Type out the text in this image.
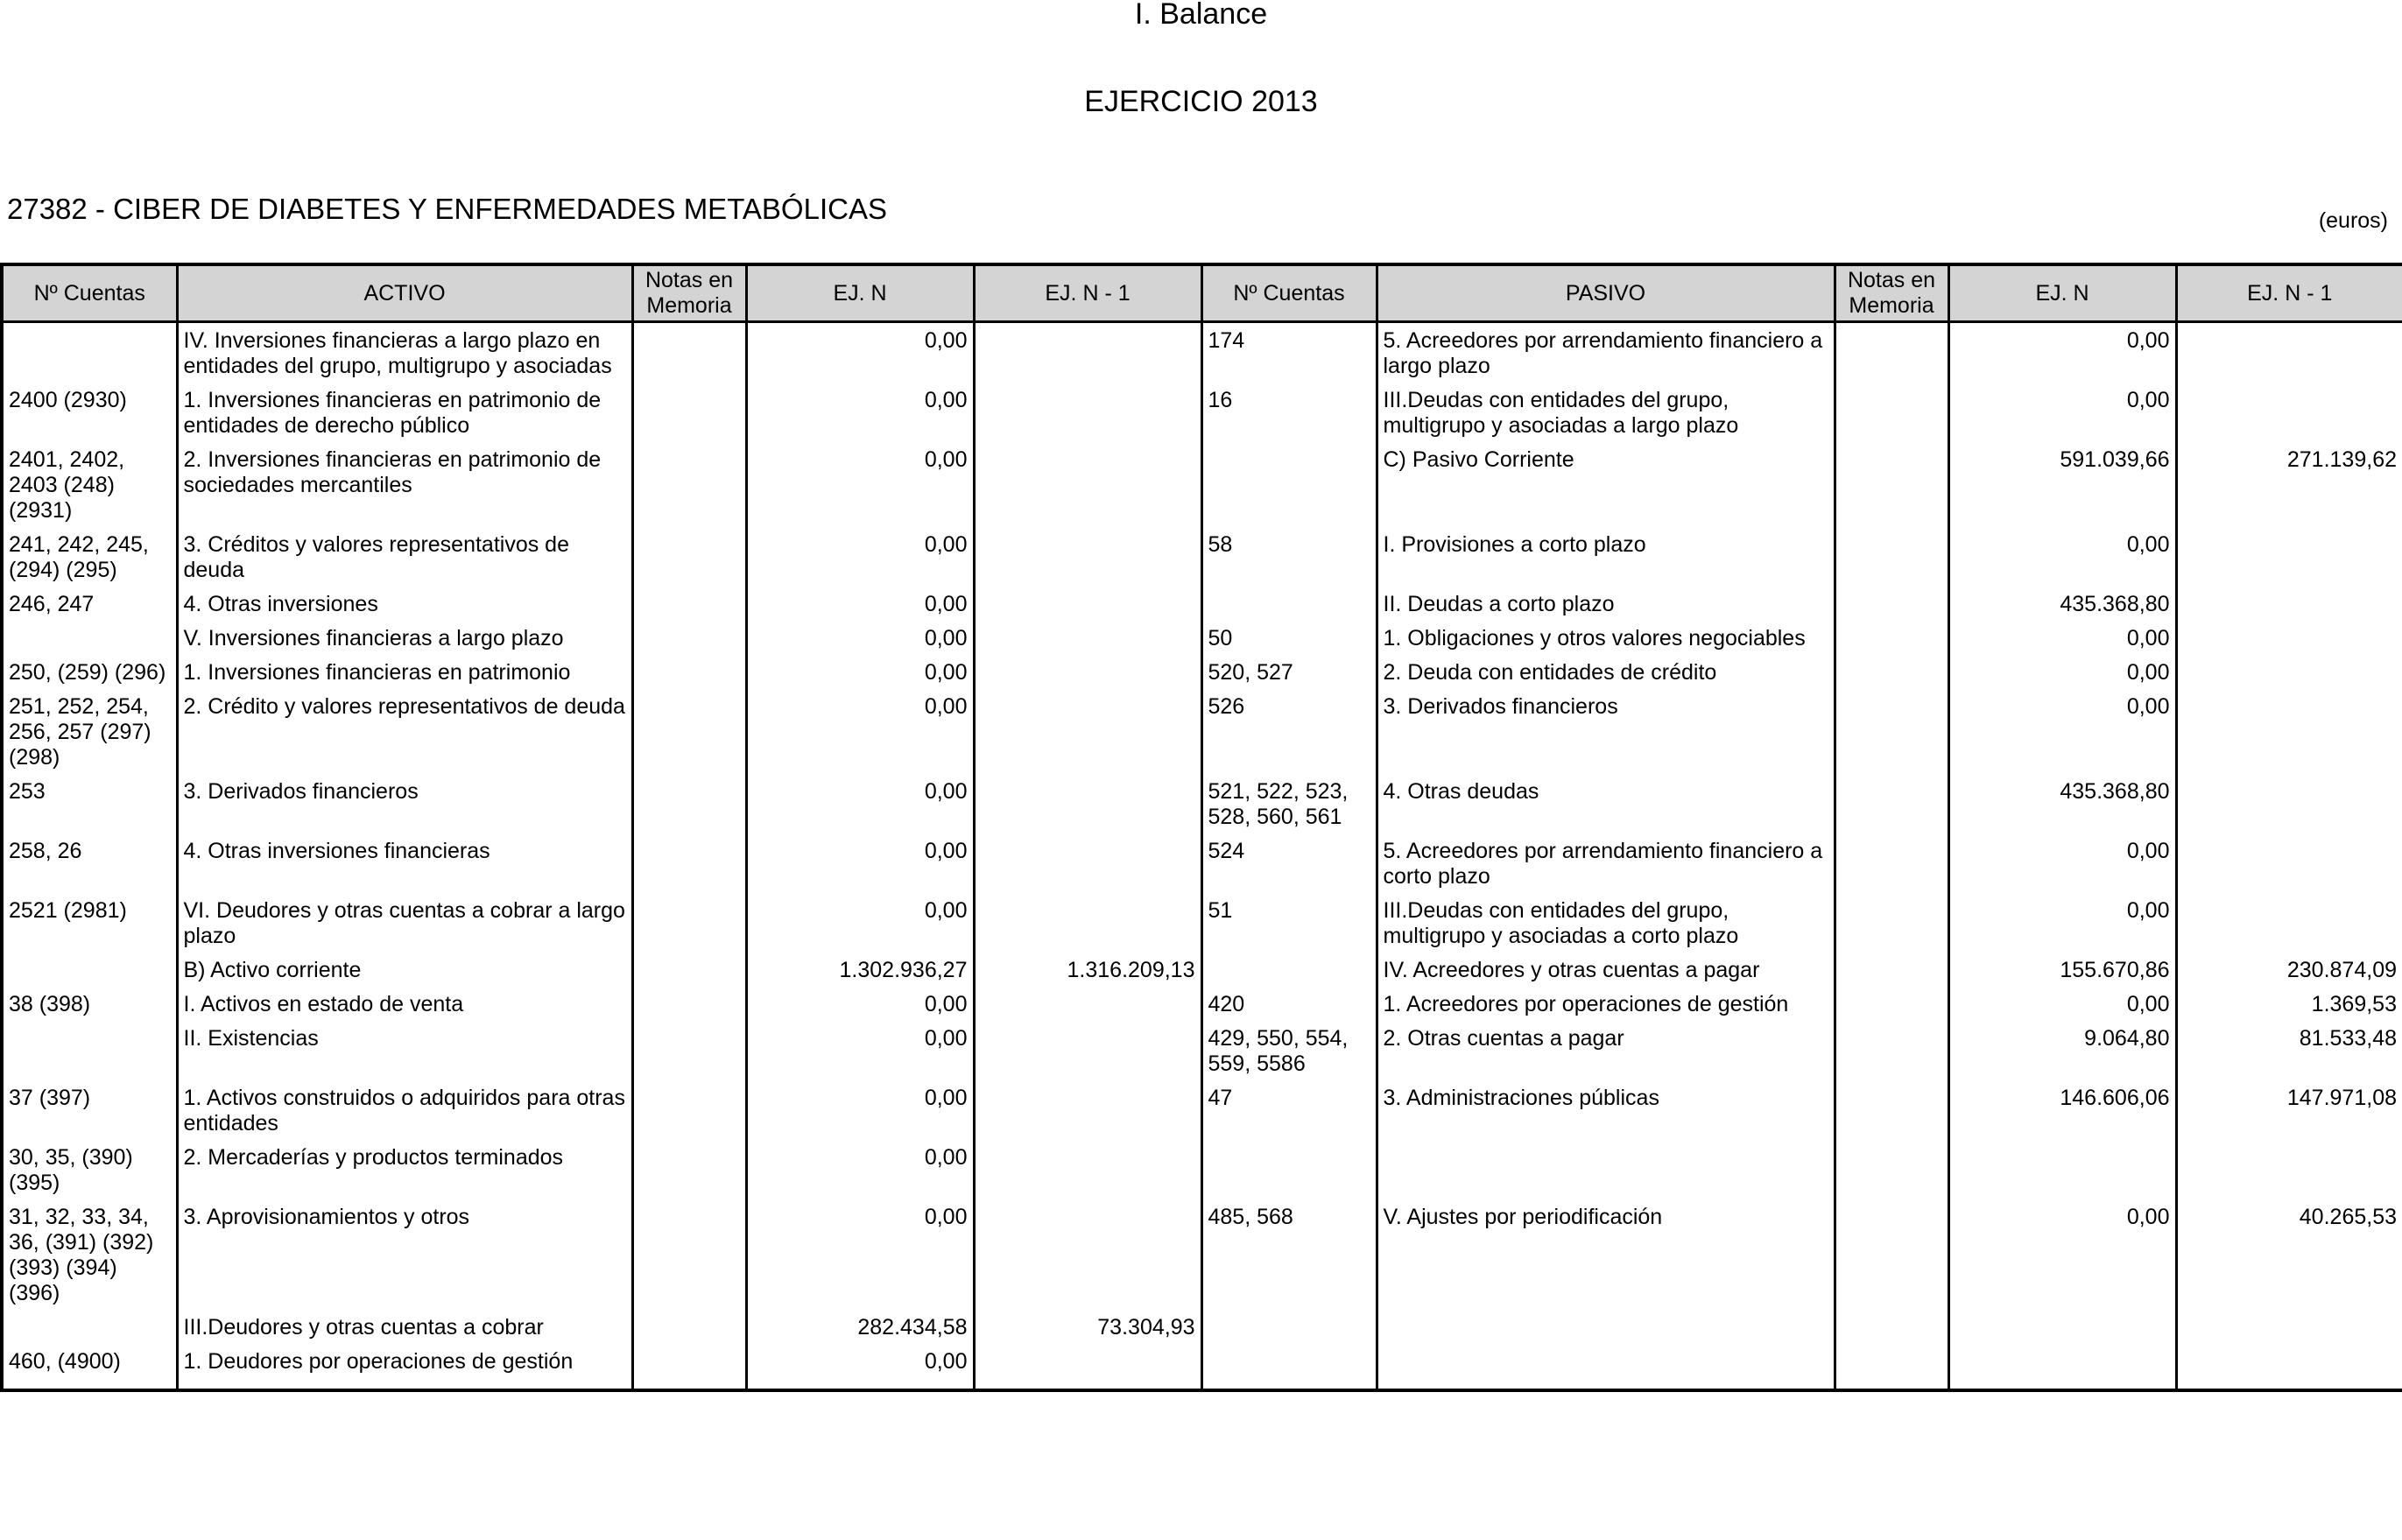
I. Balance
EJERCICIO 2013
27382 - CIBER DE DIABETES Y ENFERMEDADES METABÓLICAS	(euros)
Nº Cuentas	ACTIVO	Notas en Memoria	EJ. N	EJ. N - 1	Nº Cuentas	PASIVO	Notas en Memoria	EJ. N	EJ. N - 1
	IV. Inversiones financieras a largo plazo en entidades del grupo, multigrupo y asociadas		0,00		174	5. Acreedores por arrendamiento financiero a largo plazo		0,00	
2400 (2930)	1. Inversiones financieras en patrimonio de entidades de derecho público		0,00		16	III.Deudas con entidades del grupo, multigrupo y asociadas a largo plazo		0,00	
2401, 2402, 2403 (248) (2931)	2. Inversiones financieras en patrimonio de sociedades mercantiles		0,00			C) Pasivo Corriente		591.039,66	271.139,62
241, 242, 245, (294) (295)	3. Créditos y valores representativos de deuda		0,00		58	I. Provisiones a corto plazo		0,00	
246, 247	4. Otras inversiones		0,00			II. Deudas a corto plazo		435.368,80	
	V. Inversiones financieras a largo plazo		0,00		50	1. Obligaciones y otros valores negociables		0,00	
250, (259) (296)	1. Inversiones financieras en patrimonio		0,00		520, 527	2. Deuda con entidades de crédito		0,00	
251, 252, 254, 256, 257 (297) (298)	2. Crédito y valores representativos de deuda		0,00		526	3. Derivados financieros		0,00	
253	3. Derivados financieros		0,00		521, 522, 523, 528, 560, 561	4. Otras deudas		435.368,80	
258, 26	4. Otras inversiones financieras		0,00		524	5. Acreedores por arrendamiento financiero a corto plazo		0,00	
2521 (2981)	VI. Deudores y otras cuentas a cobrar a largo plazo		0,00		51	III.Deudas con entidades del grupo, multigrupo y asociadas a corto plazo		0,00	
	B) Activo corriente		1.302.936,27	1.316.209,13		IV. Acreedores y otras cuentas a pagar		155.670,86	230.874,09
38 (398)	I. Activos en estado de venta		0,00		420	1. Acreedores por operaciones de gestión		0,00	1.369,53
	II. Existencias		0,00		429, 550, 554, 559, 5586	2. Otras cuentas a pagar		9.064,80	81.533,48
37 (397)	1. Activos construidos o adquiridos para otras entidades		0,00		47	3. Administraciones públicas		146.606,06	147.971,08
30, 35, (390) (395)	2. Mercaderías y productos terminados		0,00						
31, 32, 33, 34, 36, (391) (392) (393) (394) (396)	3. Aprovisionamientos y otros		0,00		485, 568	V. Ajustes por periodificación		0,00	40.265,53
	III.Deudores y otras cuentas a cobrar		282.434,58	73.304,93					
460, (4900)	1. Deudores por operaciones de gestión		0,00						
